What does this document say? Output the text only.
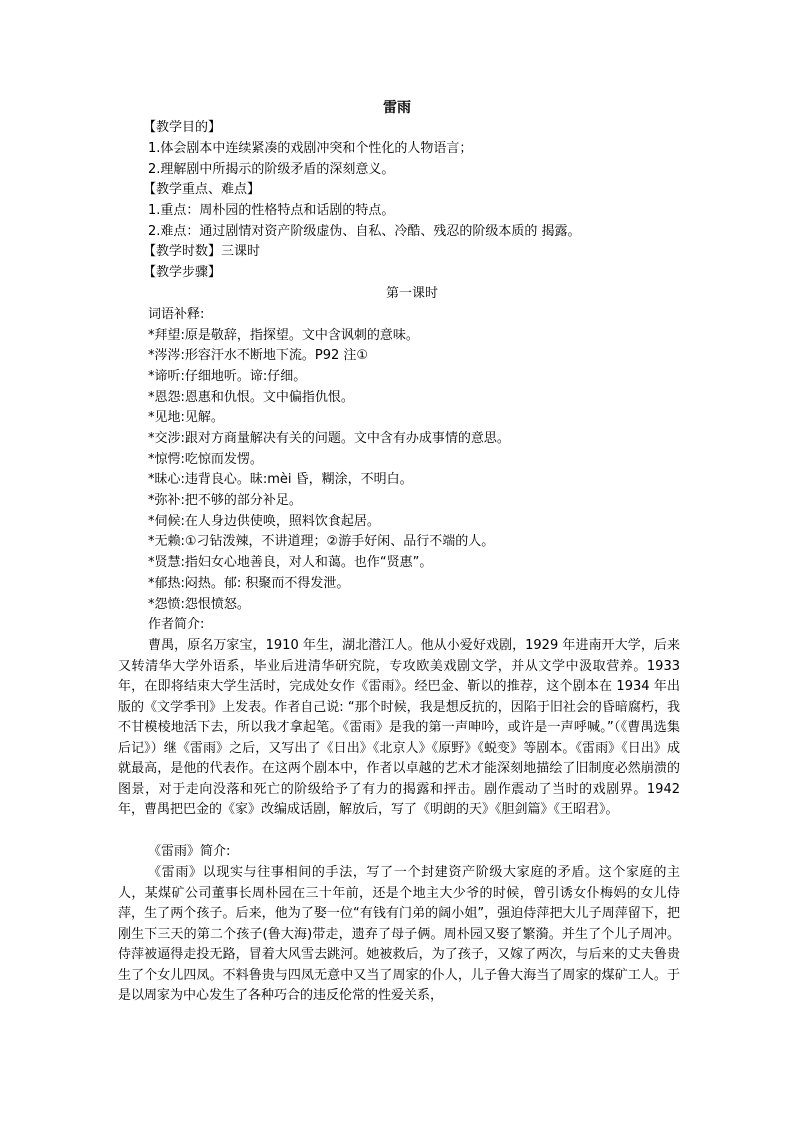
雷雨
【教学目的】
1.体会剧本中连续紧凑的戏剧冲突和个性化的人物语言；
2.理解剧中所揭示的阶级矛盾的深刻意义。
【教学重点、难点】
1.重点：周朴园的性格特点和话剧的特点。
2.难点：通过剧情对资产阶级虚伪、自私、冷酷、残忍的阶级本质的 揭露。
【教学时数】三课时
【教学步骤】
第一课时
词语补释:
*拜望:原是敬辞，指探望。文中含讽刺的意味。
*涔涔:形容汗水不断地下流。P92 注①
*谛听:仔细地听。谛:仔细。
*恩怨:恩惠和仇恨。文中偏指仇恨。
*见地:见解。
*交涉:跟对方商量解决有关的问题。文中含有办成事情的意思。
*惊愕:吃惊而发愣。
*昧心:违背良心。昧:mèi 昏，糊涂，不明白。
*弥补:把不够的部分补足。
*伺候:在人身边供使唤，照料饮食起居。
*无赖:①刁钻泼辣，不讲道理；②游手好闲、品行不端的人。
*贤慧:指妇女心地善良，对人和蔼。也作“贤惠”。
*郁热:闷热。郁: 积聚而不得发泄。
*怨愤:怨恨愤怒。
作者简介:

曹禺，原名万家宝，1910 年生，湖北潜江人。他从小爱好戏剧，1929 年进南开大学，后来又转清华大学外语系，毕业后进清华研究院，专攻欧美戏剧文学，并从文学中汲取营养。1933 年，在即将结束大学生活时，完成处女作《雷雨》。经巴金、靳以的推荐，这个剧本在 1934 年出版的《文学季刊》上发表。作者自己说: “那个时候，我是想反抗的，因陷于旧社会的昏暗腐朽，我不甘模棱地活下去，所以我才拿起笔。《雷雨》是我的第一声呻吟，或许是一声呼喊。”（《曹禺选集后记》）继《雷雨》之后，又写出了《日出》《北京人》《原野》《蜕变》等剧本。《雷雨》《日出》成就最高，是他的代表作。在这两个剧本中，作者以卓越的艺术才能深刻地描绘了旧制度必然崩溃的图景，对于走向没落和死亡的阶级给予了有力的揭露和抨击。剧作震动了当时的戏剧界。1942 年，曹禺把巴金的《家》改编成话剧，解放后，写了《明朗的天》《胆剑篇》《王昭君》。

《雷雨》简介:

《雷雨》以现实与往事相间的手法，写了一个封建资产阶级大家庭的矛盾。这个家庭的主人，某煤矿公司董事长周朴园在三十年前，还是个地主大少爷的时候，曾引诱女仆梅妈的女儿侍萍，生了两个孩子。后来，他为了娶一位“有钱有门弟的阔小姐”，强迫侍萍把大儿子周萍留下，把刚生下三天的第二个孩子(鲁大海)带走，遗弃了母子俩。周朴园又娶了繁漪。并生了个儿子周冲。侍萍被逼得走投无路，冒着大风雪去跳河。她被救后，为了孩子，又嫁了两次，与后来的丈夫鲁贵生了个女儿四凤。不料鲁贵与四凤无意中又当了周家的仆人，儿子鲁大海当了周家的煤矿工人。于是以周家为中心发生了各种巧合的违反伦常的性爱关系，
